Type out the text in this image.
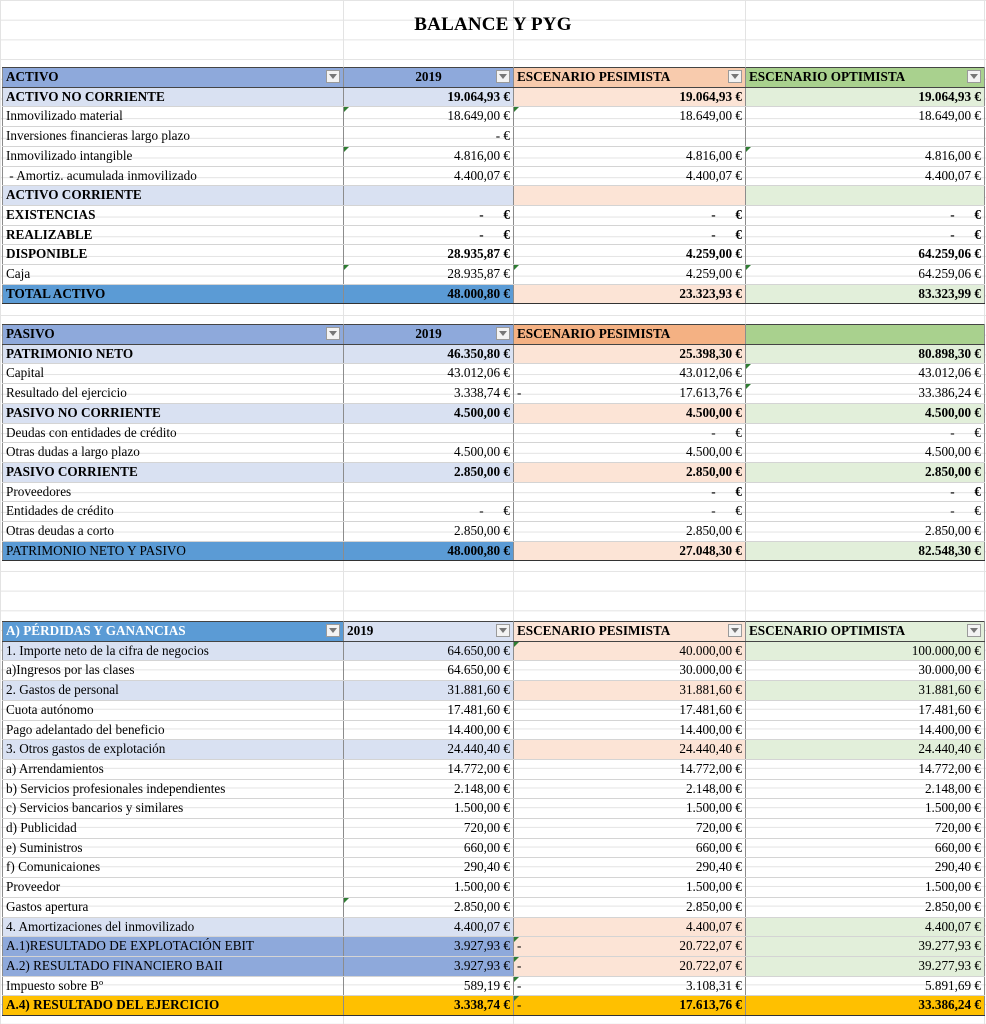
BALANCE Y PYG
ACTIVO	2019	ESCENARIO PESIMISTA	ESCENARIO OPTIMISTA

ACTIVO NO CORRIENTE	19.064,93 €	19.064,93 €	19.064,93 €
Inmovilizado material	18.649,00 €	18.649,00 €	18.649,00 €
Inversiones financieras largo plazo	- €		
Inmovilizado intangible	4.816,00 €	4.816,00 €	4.816,00 €
- Amortiz. acumulada inmovilizado	4.400,07 €	4.400,07 €	4.400,07 €
ACTIVO CORRIENTE			
EXISTENCIAS	-      €	-      €	-      €
REALIZABLE	-      €	-      €	-      €
DISPONIBLE	28.935,87 €	4.259,00 €	64.259,06 €
Caja	28.935,87 €	4.259,00 €	64.259,06 €
TOTAL ACTIVO	48.000,80 €	23.323,93 €	83.323,99 €
PASIVO	2019	ESCENARIO PESIMISTA	
PATRIMONIO NETO	46.350,80 €	25.398,30 €	80.898,30 €
Capital	43.012,06 €	43.012,06 €	43.012,06 €
Resultado del ejercicio	3.338,74 €	- 17.613,76 €	33.386,24 €
PASIVO NO CORRIENTE	4.500,00 €	4.500,00 €	4.500,00 €
Deudas con entidades de crédito		-      €	-      €
Otras dudas a largo plazo	4.500,00 €	4.500,00 €	4.500,00 €
PASIVO CORRIENTE	2.850,00 €	2.850,00 €	2.850,00 €
Proveedores		-      €	-      €
Entidades de crédito	-      €	-      €	-      €
Otras deudas a corto	2.850,00 €	2.850,00 €	2.850,00 €
PATRIMONIO NETO Y PASIVO	48.000,80 €	27.048,30 €	82.548,30 €
A) PÉRDIDAS Y GANANCIAS	2019	ESCENARIO PESIMISTA	ESCENARIO OPTIMISTA

1. Importe neto de la cifra de negocios	64.650,00 €	40.000,00 €	100.000,00 €
a)Ingresos por las clases	64.650,00 €	30.000,00 €	30.000,00 €
2. Gastos de personal	31.881,60 €	31.881,60 €	31.881,60 €
Cuota autónomo	17.481,60 €	17.481,60 €	17.481,60 €
Pago adelantado del beneficio	14.400,00 €	14.400,00 €	14.400,00 €
3. Otros gastos de explotación	24.440,40 €	24.440,40 €	24.440,40 €
a) Arrendamientos	14.772,00 €	14.772,00 €	14.772,00 €
b) Servicios profesionales independientes	2.148,00 €	2.148,00 €	2.148,00 €
c) Servicios bancarios y similares	1.500,00 €	1.500,00 €	1.500,00 €
d) Publicidad	720,00 €	720,00 €	720,00 €
e) Suministros	660,00 €	660,00 €	660,00 €
f) Comunicaiones	290,40 €	290,40 €	290,40 €
Proveedor	1.500,00 €	1.500,00 €	1.500,00 €
Gastos apertura	2.850,00 €	2.850,00 €	2.850,00 €
4. Amortizaciones del inmovilizado	4.400,07 €	4.400,07 €	4.400,07 €
A.1)RESULTADO DE EXPLOTACIÓN EBIT	3.927,93 €	- 20.722,07 €	39.277,93 €
A.2) RESULTADO FINANCIERO BAII	3.927,93 €	- 20.722,07 €	39.277,93 €
Impuesto sobre Bº	589,19 €	- 3.108,31 €	5.891,69 €
A.4) RESULTADO DEL EJERCICIO	3.338,74 €	- 17.613,76 €	33.386,24 €
